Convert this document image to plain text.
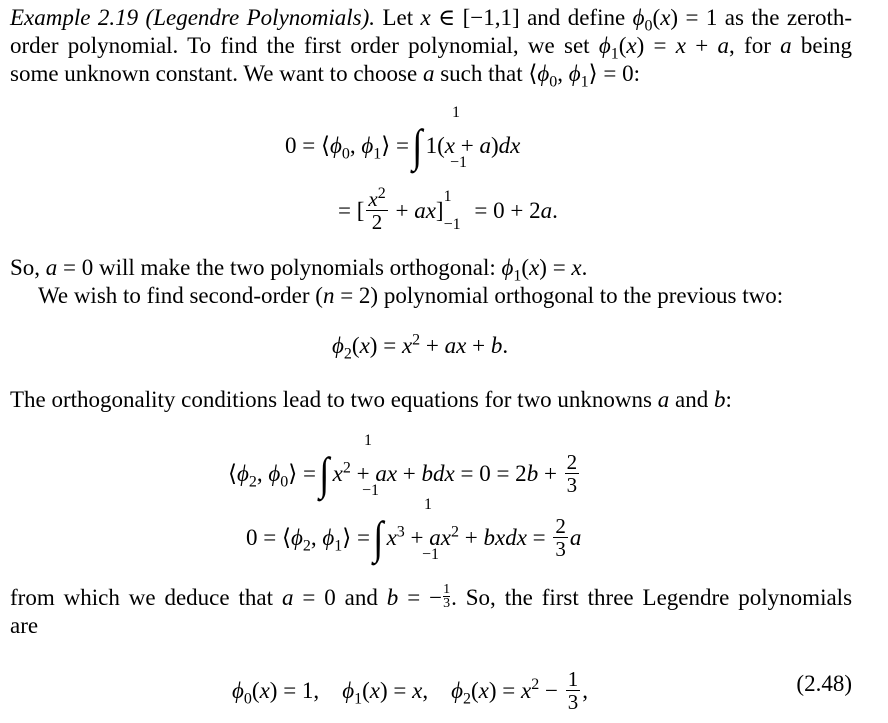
Example 2.19 (Legendre Polynomials). Let x ∈ [−1,1] and define $\phi_0(x) = 1$ as the zeroth-
order polynomial. To find the first order polynomial, we set $\phi_1(x) = x + a$, for a being
some unknown constant. We want to choose a such that $⟨\phi_0$, $\phi_1⟩ = 0$:
$0 = ⟨\phi_0$, $\phi_1⟩$ =∫ 1(x + a)dx
1
−1
= [ $\frac{x^2}{2} + ax]^1_{-1} = 0 + 2a$.
So, a = 0 will make the two polynomials orthogonal: $\phi_1(x) = x$.
We wish to find second-order (n = 2) polynomial orthogonal to the previous two:
$\phi_2(x) = x^2$ + ax + b.
The orthogonality conditions lead to two equations for two unknowns a and b:
$⟨\phi_2$, $\phi_0⟩$ =∫ $x^2$ + ax + bdx = $0 = 2b + \frac{2}{3}$
1
−1
$0 = ⟨\phi_2$, $\phi_1⟩$ =∫ $x^3 + ax^2$ + bxdx = $\frac{2}{3}$ a
1
−1
from which we deduce that a = 0 and b = − $\frac{1}{3}$ . So, the first three Legendre polynomials
are
$\phi_0(x) = 1$,    $\phi_1(x) = x$,    $\phi_2(x) = x^2 - \frac{1}{3}$ ,	(2.48)
